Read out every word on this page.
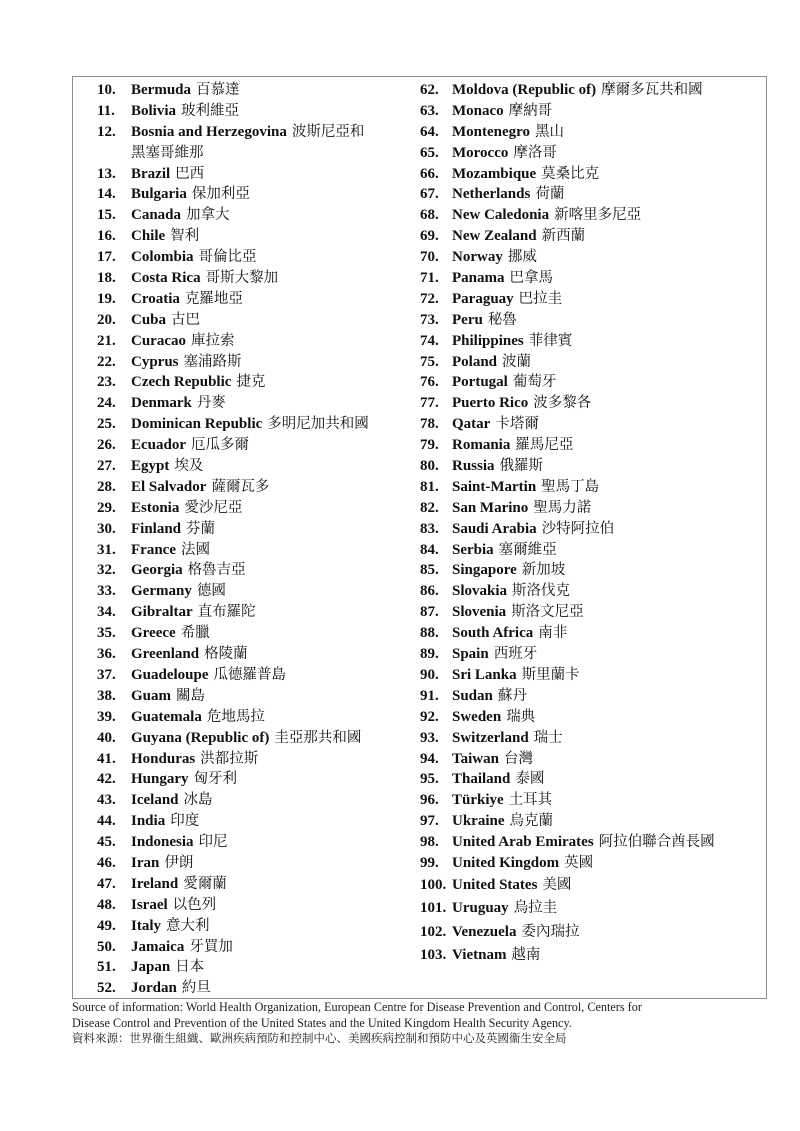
10.	Bermuda 百慕達
11.	Bolivia 玻利維亞
12.	Bosnia and Herzegovina 波斯尼亞和
黑塞哥維那
13.	Brazil 巴西
14.	Bulgaria 保加利亞
15.	Canada 加拿大
16.	Chile 智利
17.	Colombia 哥倫比亞
18.	Costa Rica 哥斯大黎加
19.	Croatia 克羅地亞
20.	Cuba 古巴
21.	Curacao 庫拉索
22.	Cyprus 塞浦路斯
23.	Czech Republic 捷克
24.	Denmark 丹麥
25.	Dominican Republic 多明尼加共和國
26.	Ecuador 厄瓜多爾
27.	Egypt 埃及
28.	El Salvador 薩爾瓦多
29.	Estonia 愛沙尼亞
30.	Finland 芬蘭
31.	France 法國
32.	Georgia 格魯吉亞
33.	Germany 德國
34.	Gibraltar 直布羅陀
35.	Greece 希臘
36.	Greenland 格陵蘭
37.	Guadeloupe 瓜德羅普島
38.	Guam 關島
39.	Guatemala 危地馬拉
40.	Guyana (Republic of) 圭亞那共和國
41.	Honduras 洪都拉斯
42.	Hungary 匈牙利
43.	Iceland 冰島
44.	India 印度
45.	Indonesia 印尼
46.	Iran 伊朗
47.	Ireland 愛爾蘭
48.	Israel 以色列
49.	Italy 意大利
50.	Jamaica 牙買加
51.	Japan 日本
52.	Jordan 約旦
62. Moldova (Republic of) 摩爾多瓦共和國
63. Monaco 摩納哥
64. Montenegro 黑山
65. Morocco 摩洛哥
66. Mozambique 莫桑比克
67. Netherlands 荷蘭
68. New Caledonia 新喀里多尼亞
69. New Zealand 新西蘭
70. Norway 挪威
71. Panama 巴拿馬
72. Paraguay 巴拉圭
73. Peru 秘魯
74. Philippines 菲律賓
75. Poland 波蘭
76. Portugal 葡萄牙
77. Puerto Rico 波多黎各
78. Qatar 卡塔爾
79. Romania 羅馬尼亞
80. Russia 俄羅斯
81. Saint-Martin 聖馬丁島
82. San Marino 聖馬力諾
83. Saudi Arabia 沙特阿拉伯
84. Serbia 塞爾維亞
85. Singapore 新加坡
86. Slovakia 斯洛伐克
87. Slovenia 斯洛文尼亞
88. South Africa 南非
89. Spain 西班牙
90. Sri Lanka 斯里蘭卡
91. Sudan 蘇丹
92. Sweden 瑞典
93. Switzerland 瑞士
94. Taiwan 台灣
95. Thailand 泰國
96. Türkiye 土耳其
97. Ukraine 烏克蘭
98. United Arab Emirates 阿拉伯聯合酋長國
99. United Kingdom 英國
100. United States 美國
101. Uruguay 烏拉圭
102. Venezuela 委內瑞拉
103. Vietnam 越南
Source of information: World Health Organization, European Centre for Disease Prevention and Control, Centers for
Disease Control and Prevention of the United States and the United Kingdom Health Security Agency.
資料來源：世界衞生組織、歐洲疾病預防和控制中心、美國疾病控制和預防中心及英國衞生安全局
